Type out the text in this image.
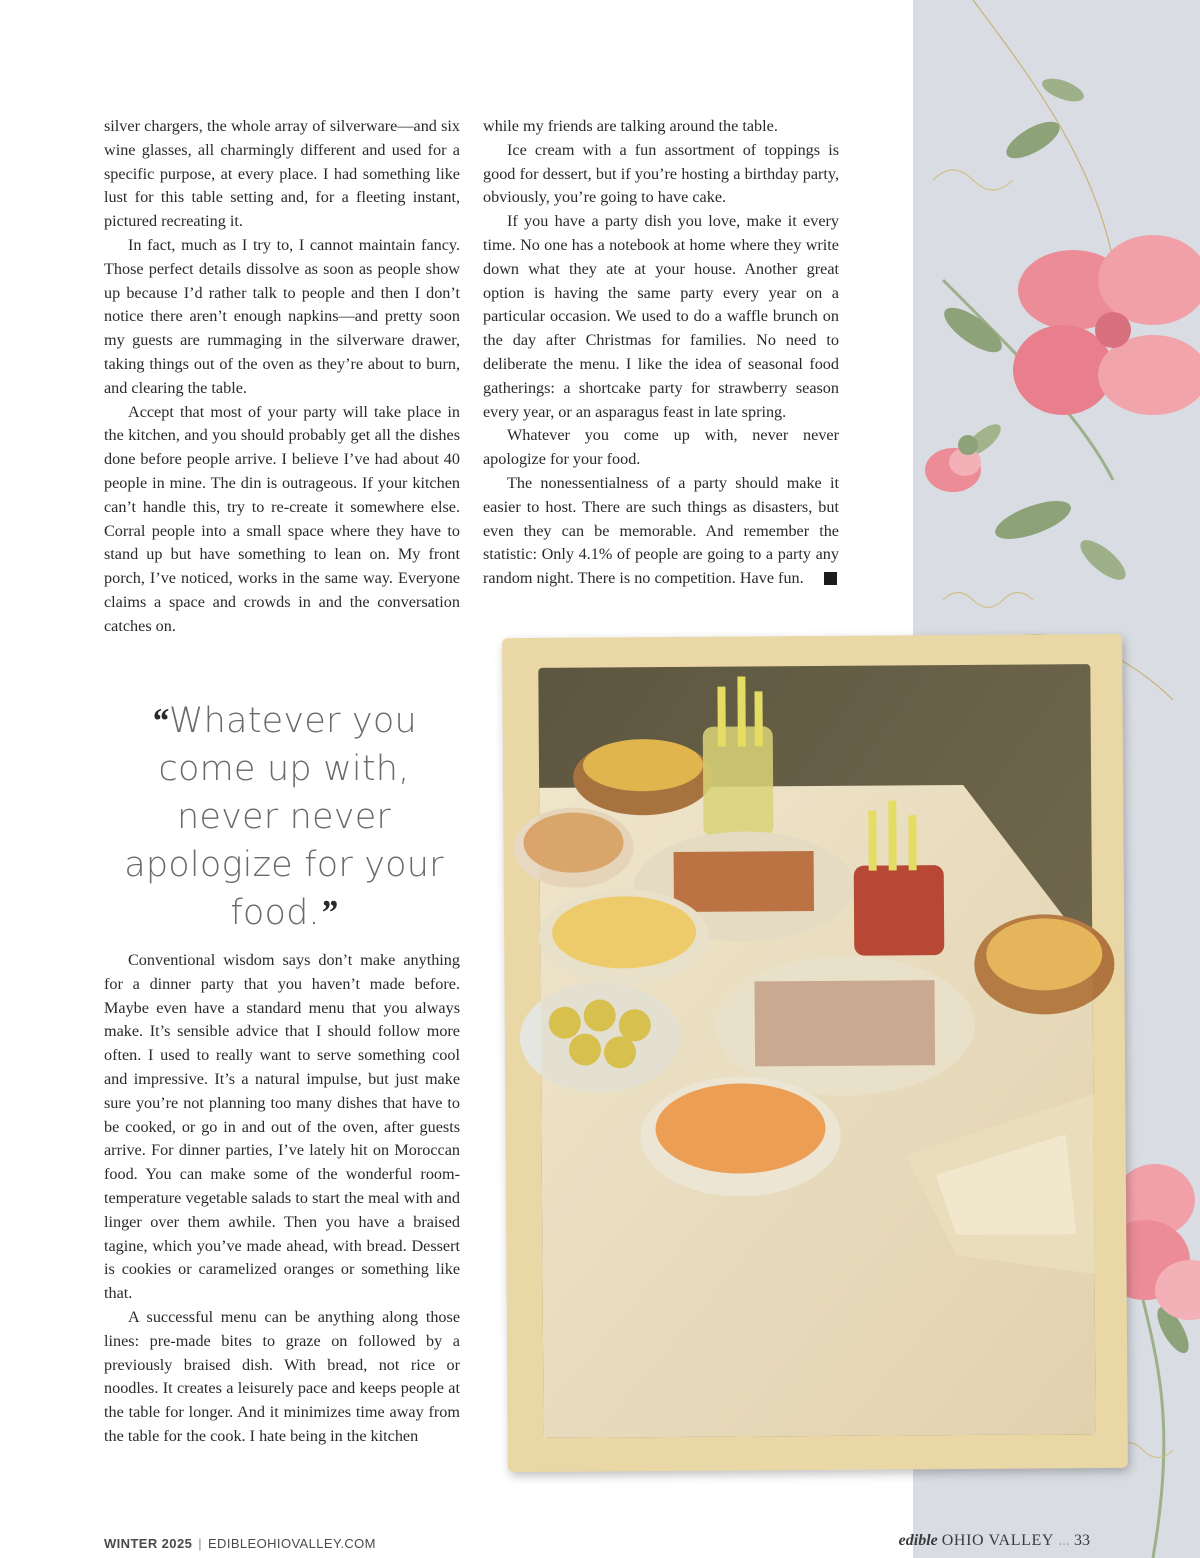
silver chargers, the whole array of silverware—and six wine glasses, all charmingly different and used for a specific purpose, at every place. I had something like lust for this table setting and, for a fleeting instant, pictured recreating it.

In fact, much as I try to, I cannot maintain fancy. Those perfect details dissolve as soon as people show up because I’d rather talk to people and then I don’t notice there aren’t enough napkins—and pretty soon my guests are rummaging in the silverware drawer, taking things out of the oven as they’re about to burn, and clearing the table.

Accept that most of your party will take place in the kitchen, and you should probably get all the dishes done before people arrive. I believe I’ve had about 40 people in mine. The din is outrageous. If your kitchen can’t handle this, try to re-create it somewhere else. Corral people into a small space where they have to stand up but have something to lean on. My front porch, I’ve noticed, works in the same way. Everyone claims a space and crowds in and the conversation catches on.

while my friends are talking around the table.

Ice cream with a fun assortment of toppings is good for dessert, but if you’re hosting a birthday party, obviously, you’re going to have cake.

If you have a party dish you love, make it every time. No one has a notebook at home where they write down what they ate at your house. Another great option is having the same party every year on a particular occasion. We used to do a waffle brunch on the day after Christmas for families. No need to deliberate the menu. I like the idea of seasonal food gatherings: a shortcake party for strawberry season every year, or an asparagus feast in late spring.

Whatever you come up with, never never apologize for your food.

The nonessentialness of a party should make it easier to host. There are such things as disasters, but even they can be memorable. And remember the statistic: Only 4.1% of people are going to a party any random night. There is no competition. Have fun.

“Whatever you come up with, never never apologize for your food.”

Conventional wisdom says don’t make anything for a dinner party that you haven’t made before. Maybe even have a standard menu that you always make. It’s sensible advice that I should follow more often. I used to really want to serve something cool and impressive. It’s a natural impulse, but just make sure you’re not planning too many dishes that have to be cooked, or go in and out of the oven, after guests arrive. For dinner parties, I’ve lately hit on Moroccan food. You can make some of the wonderful room-temperature vegetable salads to start the meal with and linger over them awhile. Then you have a braised tagine, which you’ve made ahead, with bread. Dessert is cookies or caramelized oranges or something like that.

A successful menu can be anything along those lines: pre-made bites to graze on followed by a previously braised dish. With bread, not rice or noodles. It creates a leisurely pace and keeps people at the table for longer. And it minimizes time away from the table for the cook. I hate being in the kitchen

WINTER 2025 | EDIBLEOHIOVALLEY.COM	edible OHIO VALLEY ... 33
